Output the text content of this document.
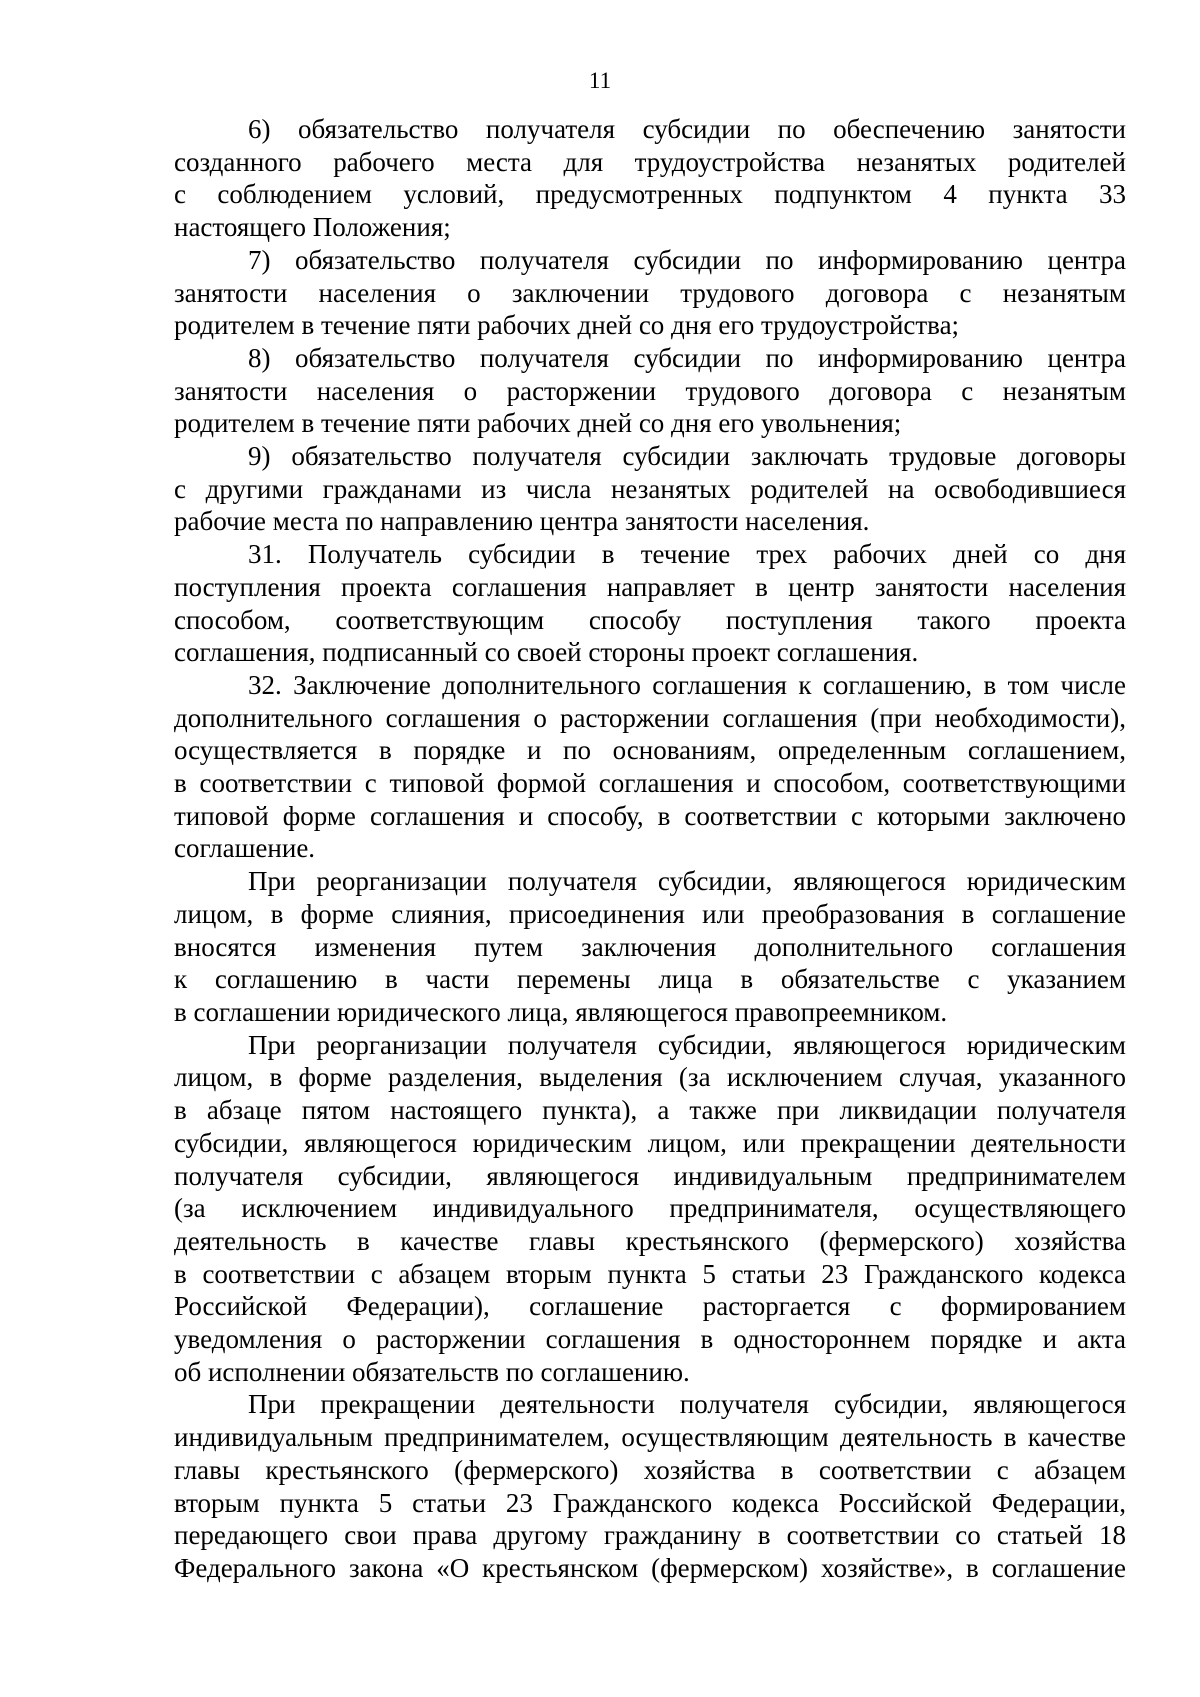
11
6) обязательство получателя субсидии по обеспечению занятости
созданного рабочего места для трудоустройства незанятых родителей
с соблюдением условий, предусмотренных подпунктом 4 пункта 33
настоящего Положения;
7) обязательство получателя субсидии по информированию центра
занятости населения о заключении трудового договора с незанятым
родителем в течение пяти рабочих дней со дня его трудоустройства;
8) обязательство получателя субсидии по информированию центра
занятости населения о расторжении трудового договора с незанятым
родителем в течение пяти рабочих дней со дня его увольнения;
9) обязательство получателя субсидии заключать трудовые договоры
с другими гражданами из числа незанятых родителей на освободившиеся
рабочие места по направлению центра занятости населения.
31. Получатель субсидии в течение трех рабочих дней со дня
поступления проекта соглашения направляет в центр занятости населения
способом, соответствующим способу поступления такого проекта
соглашения, подписанный со своей стороны проект соглашения.
32. Заключение дополнительного соглашения к соглашению, в том числе
дополнительного соглашения о расторжении соглашения (при необходимости),
осуществляется в порядке и по основаниям, определенным соглашением,
в соответствии с типовой формой соглашения и способом, соответствующими
типовой форме соглашения и способу, в соответствии с которыми заключено
соглашение.
При реорганизации получателя субсидии, являющегося юридическим
лицом, в форме слияния, присоединения или преобразования в соглашение
вносятся изменения путем заключения дополнительного соглашения
к соглашению в части перемены лица в обязательстве с указанием
в соглашении юридического лица, являющегося правопреемником.
При реорганизации получателя субсидии, являющегося юридическим
лицом, в форме разделения, выделения (за исключением случая, указанного
в абзаце пятом настоящего пункта), а также при ликвидации получателя
субсидии, являющегося юридическим лицом, или прекращении деятельности
получателя субсидии, являющегося индивидуальным предпринимателем
(за исключением индивидуального предпринимателя, осуществляющего
деятельность в качестве главы крестьянского (фермерского) хозяйства
в соответствии с абзацем вторым пункта 5 статьи 23 Гражданского кодекса
Российской Федерации), соглашение расторгается с формированием
уведомления о расторжении соглашения в одностороннем порядке и акта
об исполнении обязательств по соглашению.
При прекращении деятельности получателя субсидии, являющегося
индивидуальным предпринимателем, осуществляющим деятельность в качестве
главы крестьянского (фермерского) хозяйства в соответствии с абзацем
вторым пункта 5 статьи 23 Гражданского кодекса Российской Федерации,
передающего свои права другому гражданину в соответствии со статьей 18
Федерального закона «О крестьянском (фермерском) хозяйстве», в соглашение
